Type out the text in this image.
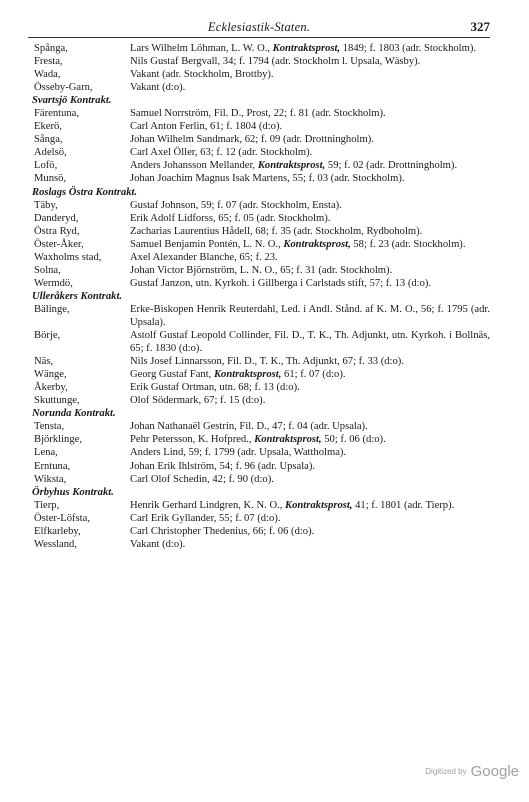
Ecklesiastik-Staten.	327
Spånga,	Lars Wilhelm Löhman, L. W. O., Kontraktsprost, 1849; f. 1803 (adr. Stockholm).
Fresta,	Nils Gustaf Bergvall, 34; f. 1794 (adr. Stockholm l. Upsala, Wäsby).
Wada,	Vakant (adr. Stockholm, Brottby).
Össeby-Garn,	Vakant (d:o).
Svartsjö Kontrakt.
Färentuna,	Samuel Norrström, Fil. D., Prost, 22; f. 81 (adr. Stockholm).
Ekerö,	Carl Anton Ferlin, 61; f. 1804 (d:o).
Sånga,	Johan Wilhelm Sandmark, 62; f. 09 (adr. Drottningholm).
Adelsö,	Carl Axel Öller, 63; f. 12 (adr. Stockholm).
Lofö,	Anders Johansson Mellander, Kontraktsprost, 59; f. 02 (adr. Drottningholm).
Munsö,	Johan Joachim Magnus Isak Martens, 55; f. 03 (adr. Stockholm).
Roslags Östra Kontrakt.
Täby,	Gustaf Johnson, 59; f. 07 (adr. Stockholm, Ensta).
Danderyd,	Erik Adolf Lidforss, 65; f. 05 (adr. Stockholm).
Östra Ryd,	Zacharias Laurentius Hådell, 68; f. 35 (adr. Stockholm, Rydboholm).
Öster-Åker,	Samuel Benjamin Pontén, L. N. O., Kontraktsprost, 58; f. 23 (adr. Stockholm).
Waxholms stad,	Axel Alexander Blanche, 65; f. 23.
Solna,	Johan Victor Björnström, L. N. O., 65; f. 31 (adr. Stockholm).
Wermdö,	Gustaf Janzon, utn. Kyrkoh. i Gillberga i Carlstads stift, 57; f. 13 (d:o).
Ulleråkers Kontrakt.
Bälinge,	Erke-Biskopen Henrik Reuterdahl, Led. i Andl. Stånd. af K. M. O., 56; f. 1795 (adr. Upsala).
Börje,	Astolf Gustaf Leopold Collinder, Fil. D., T. K., Th. Adjunkt, utn. Kyrkoh. i Bollnäs, 65; f. 1830 (d:o).
Näs,	Nils Josef Linnarsson, Fil. D., T. K., Th. Adjunkt, 67; f. 33 (d:o).
Wänge,	Georg Gustaf Fant, Kontraktsprost, 61; f. 07 (d:o).
Åkerby,	Erik Gustaf Ortman, utn. 68; f. 13 (d:o).
Skuttunge,	Olof Södermark, 67; f. 15 (d:o).
Norunda Kontrakt.
Tensta,	Johan Nathanaël Gestrin, Fil. D., 47; f. 04 (adr. Upsala).
Björklinge,	Pehr Petersson, K. Hofpred., Kontraktsprost, 50; f. 06 (d:o).
Lena,	Anders Lind, 59; f. 1799 (adr. Upsala, Wattholma).
Erntuna,	Johan Erik Ihlström, 54; f. 96 (adr. Upsala).
Wiksta,	Carl Olof Schedin, 42; f. 90 (d:o).
Örbyhus Kontrakt.
Tierp,	Henrik Gerhard Lindgren, K. N. O., Kontraktsprost, 41; f. 1801 (adr. Tierp).
Öster-Löfsta,	Carl Erik Gyllander, 55; f. 07 (d:o).
Elfkarleby,	Carl Christopher Thedenius, 66; f. 06 (d:o).
Wessland,	Vakant (d:o).
Digitized by Google
